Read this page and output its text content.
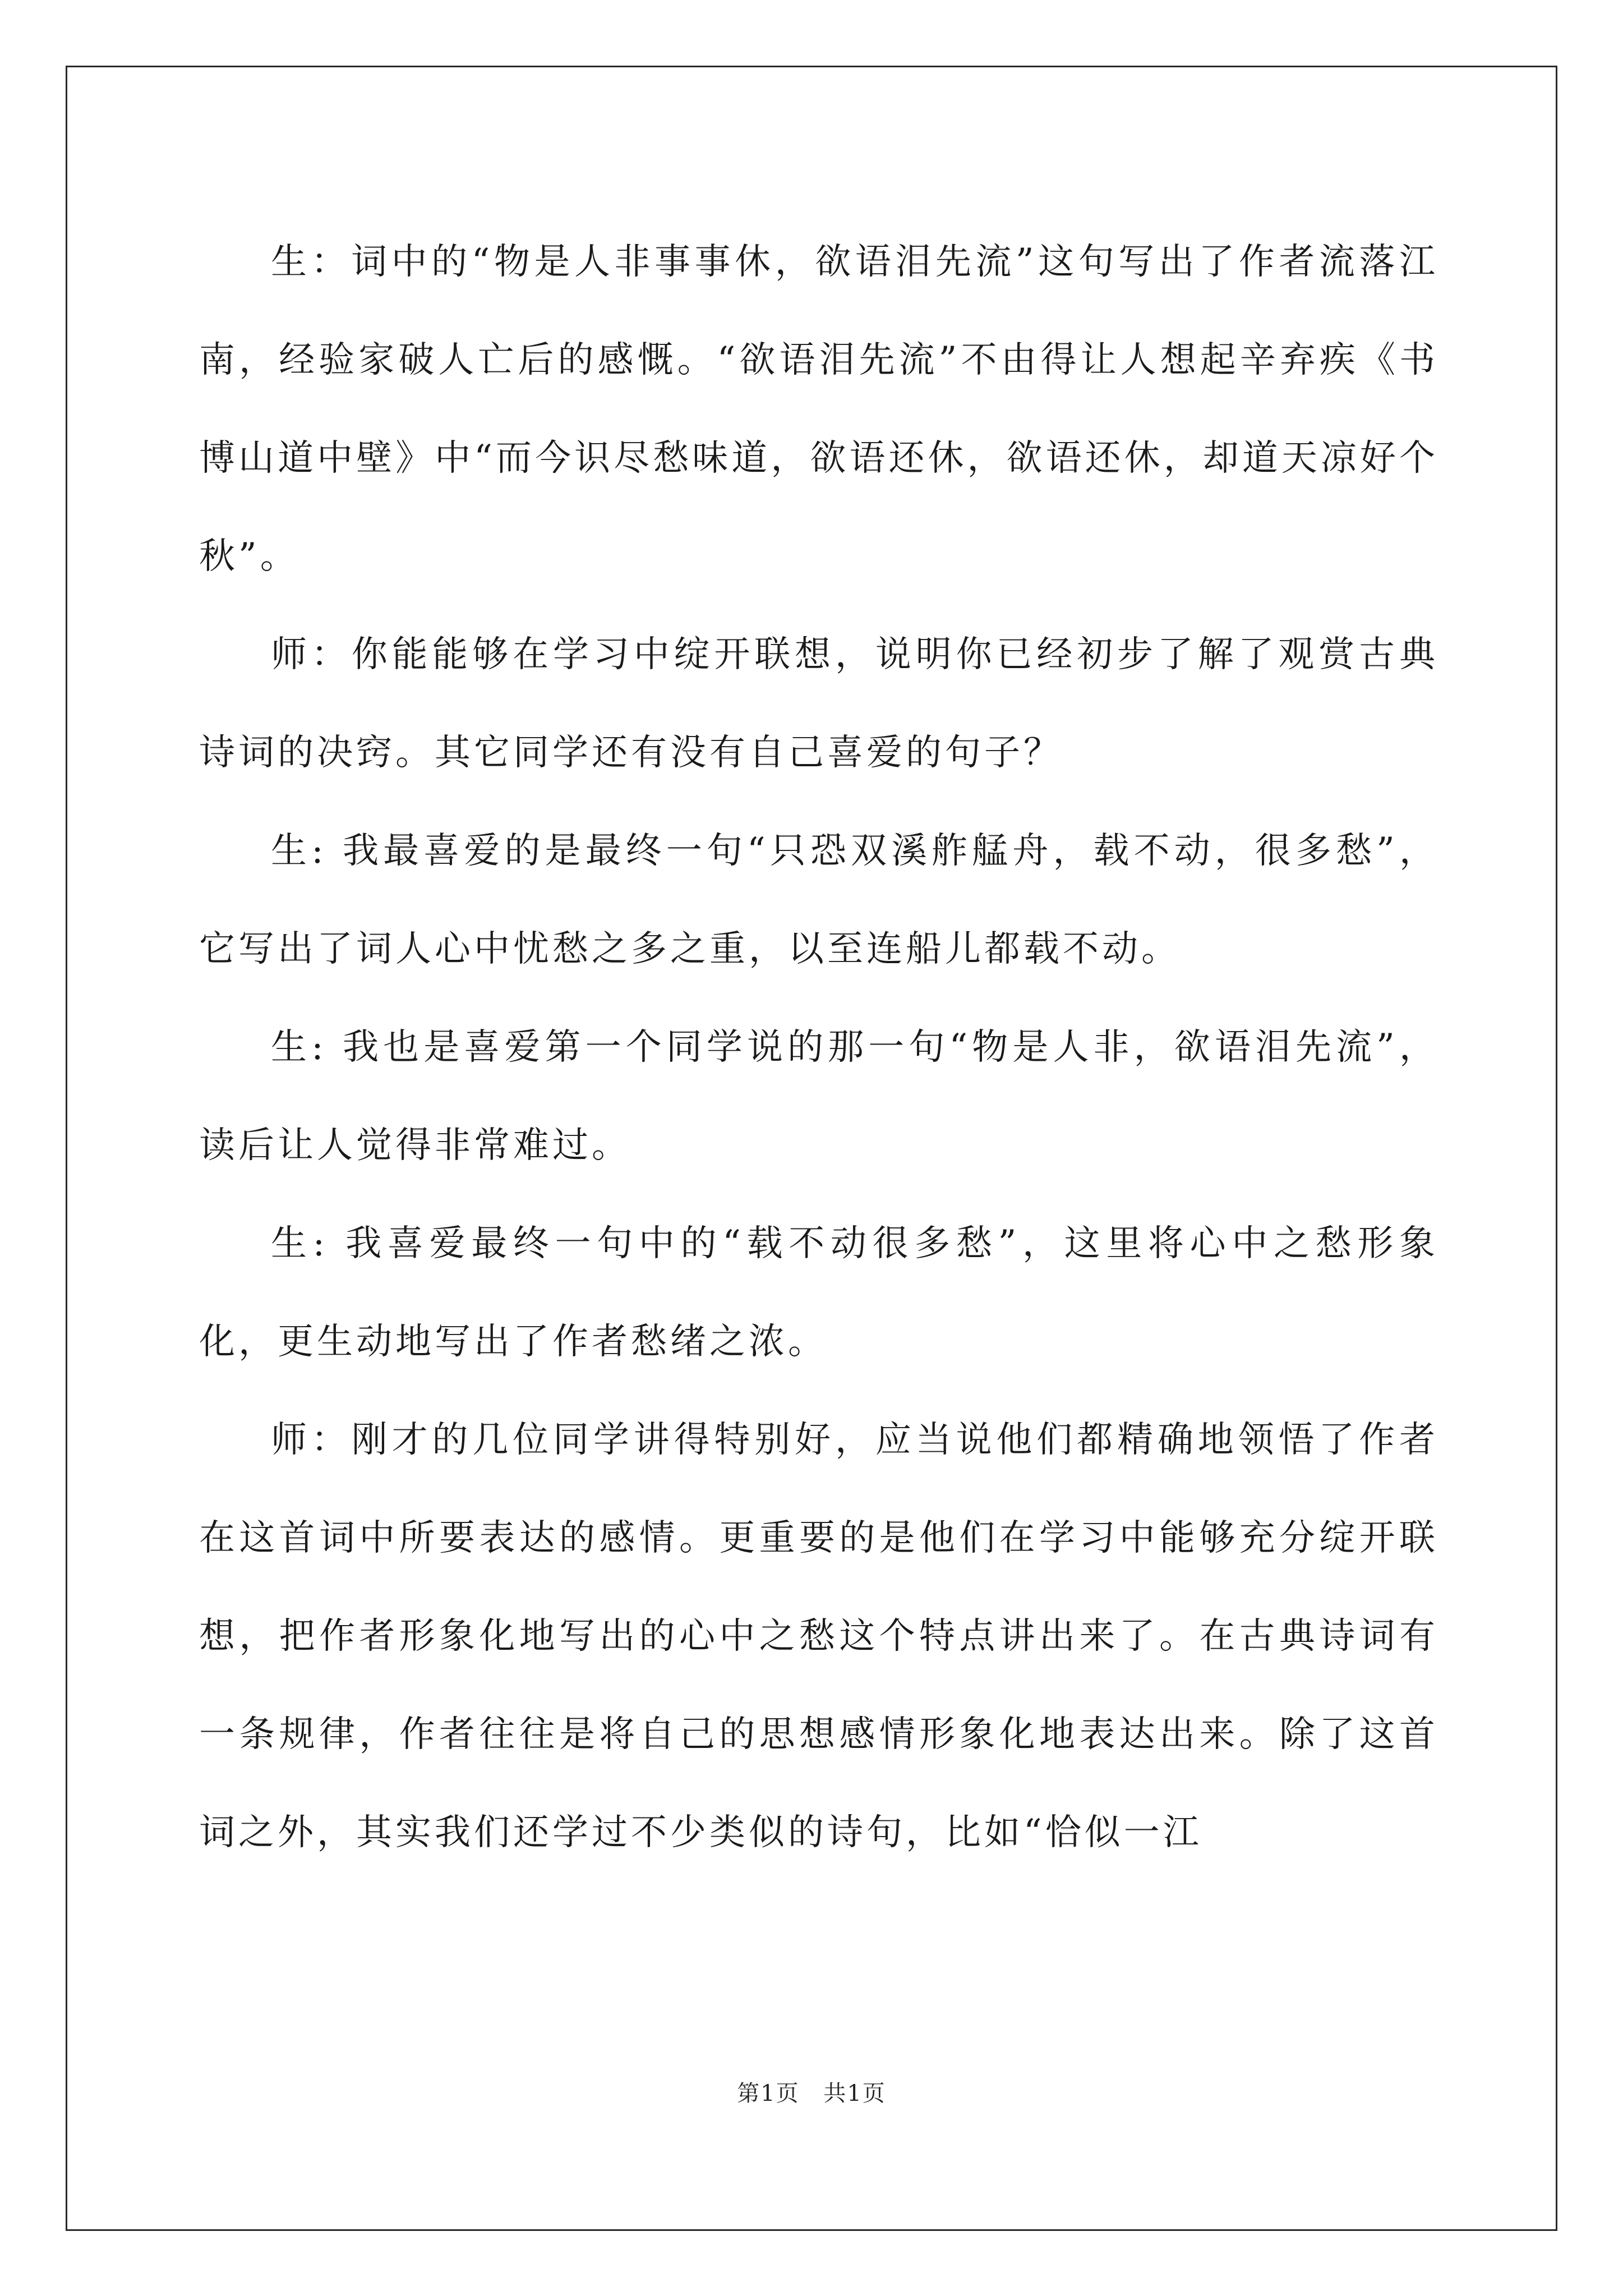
生：词中的“物是人非事事休，欲语泪先流”这句写出了作者流落江南，经验家破人亡后的感慨。“欲语泪先流”不由得让人想起辛弃疾《书博山道中壁》中“而今识尽愁味道，欲语还休，欲语还休，却道天凉好个秋”。

师：你能能够在学习中绽开联想，说明你已经初步了解了观赏古典诗词的决窍。其它同学还有没有自己喜爱的句子？

生: 我最喜爱的是最终一句“只恐双溪舴艋舟，载不动，很多愁”，它写出了词人心中忧愁之多之重，以至连船儿都载不动。

生: 我也是喜爱第一个同学说的那一句“物是人非，欲语泪先流”，读后让人觉得非常难过。

生: 我喜爱最终一句中的“载不动很多愁”，这里将心中之愁形象化，更生动地写出了作者愁绪之浓。

师：刚才的几位同学讲得特别好，应当说他们都精确地领悟了作者在这首词中所要表达的感情。更重要的是他们在学习中能够充分绽开联想，把作者形象化地写出的心中之愁这个特点讲出来了。在古典诗词有一条规律，作者往往是将自己的思想感情形象化地表达出来。除了这首词之外，其实我们还学过不少类似的诗句，比如“恰似一江

第1页 共1页
